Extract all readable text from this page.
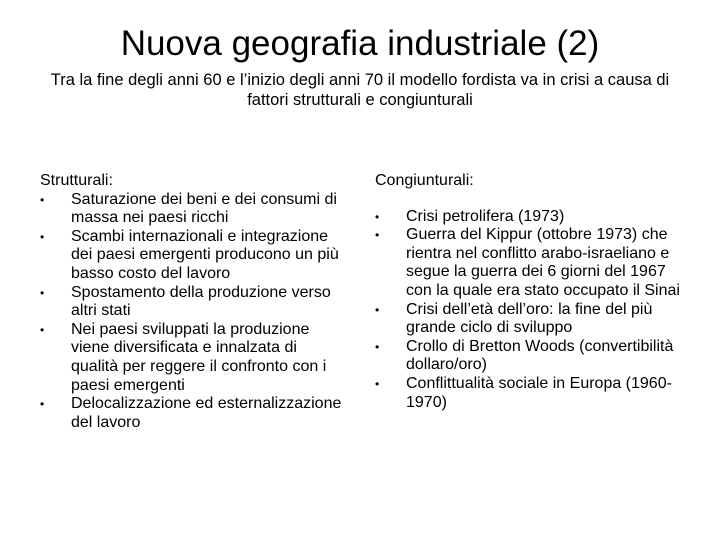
Nuova geografia industriale (2)

Tra la fine degli anni 60 e l’inizio degli anni 70 il modello fordista va in crisi a causa di fattori strutturali e congiunturali

Strutturali:

• Saturazione dei beni e dei consumi di massa nei paesi ricchi
• Scambi internazionali e integrazione dei paesi emergenti producono un più basso costo del lavoro
• Spostamento della produzione verso altri stati
• Nei paesi sviluppati la produzione viene diversificata e innalzata di qualità per reggere il confronto con i paesi emergenti
• Delocalizzazione ed esternalizzazione del lavoro

Congiunturali:

• Crisi petrolifera (1973)
• Guerra del Kippur (ottobre 1973) che rientra nel conflitto arabo-israeliano e segue la guerra dei 6 giorni del 1967 con la quale era stato occupato il Sinai
• Crisi dell’età dell’oro: la fine del più grande ciclo di sviluppo
• Crollo di Bretton Woods (convertibilità dollaro/oro)
• Conflittualità sociale in Europa (1960-1970)
